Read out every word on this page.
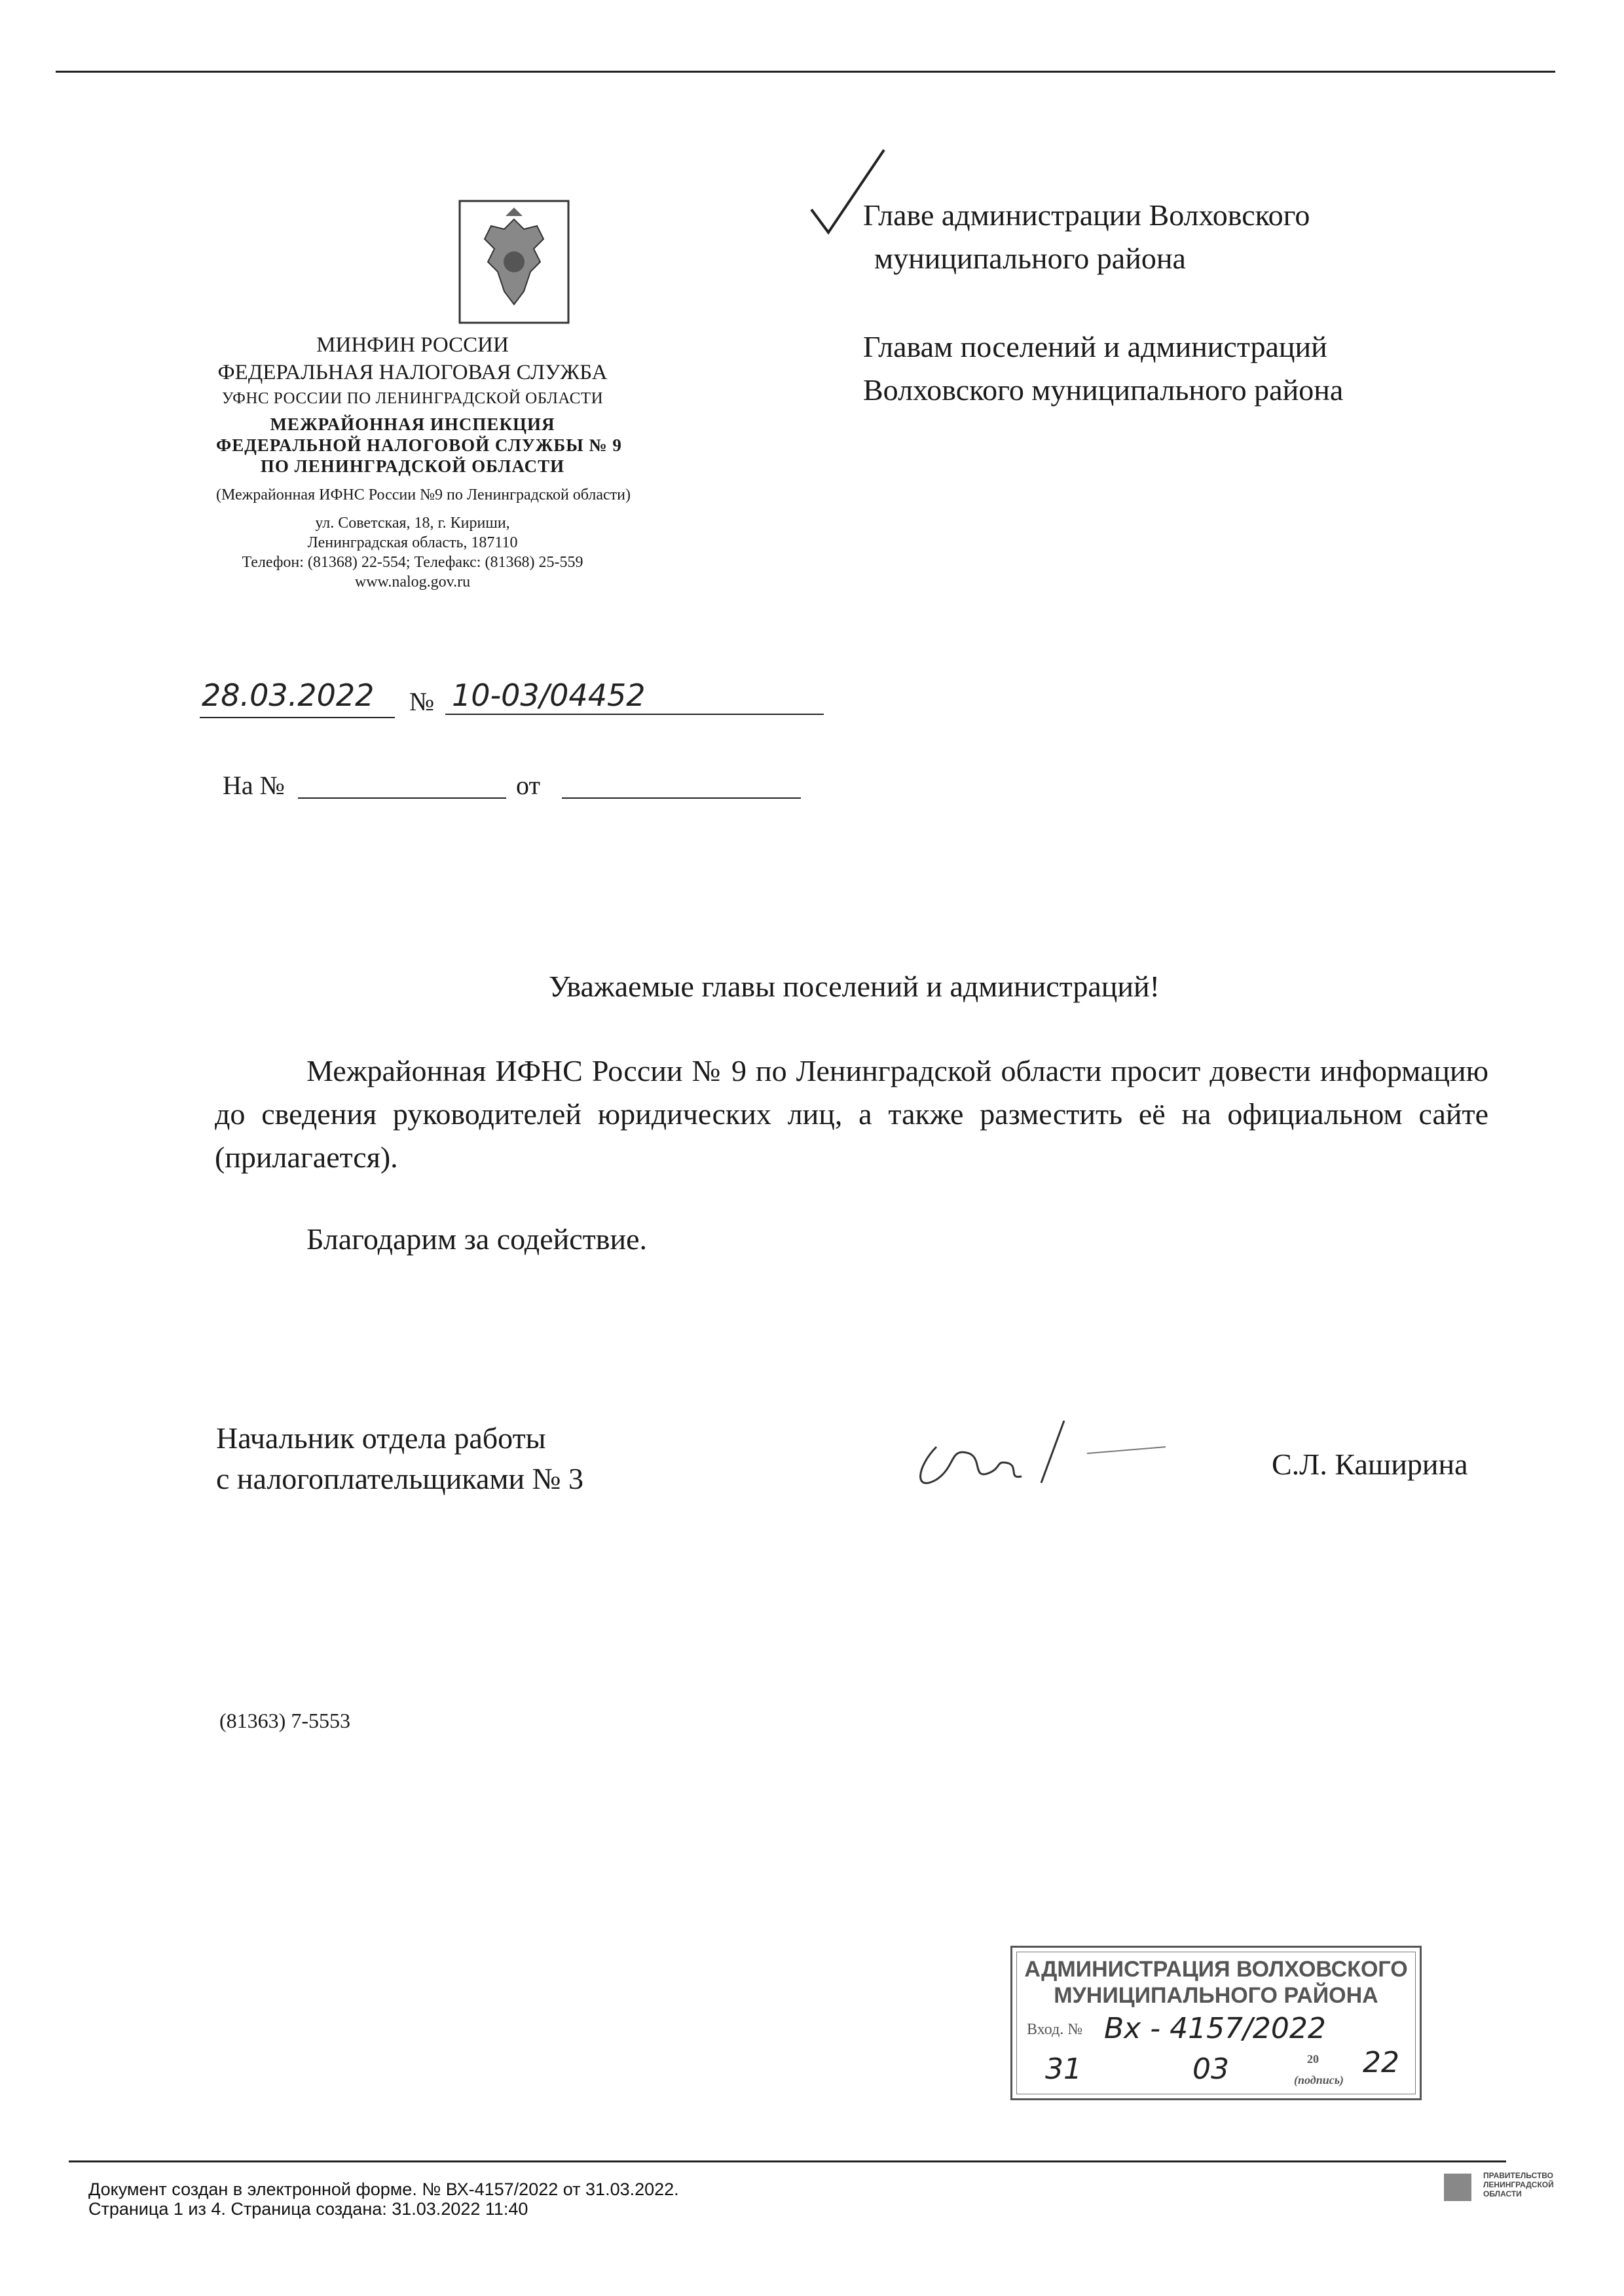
МИНФИН РОССИИ
ФЕДЕРАЛЬНАЯ НАЛОГОВАЯ СЛУЖБА
УФНС РОССИИ ПО ЛЕНИНГРАДСКОЙ ОБЛАСТИ
МЕЖРАЙОННАЯ ИНСПЕКЦИЯ
ФЕДЕРАЛЬНОЙ НАЛОГОВОЙ СЛУЖБЫ № 9
ПО ЛЕНИНГРАДСКОЙ ОБЛАСТИ
(Межрайонная ИФНС России №9 по Ленинградской области)
ул. Советская, 18, г. Кириши,
Ленинградская область, 187110
Телефон: (81368) 22-554; Телефакс: (81368) 25-559
www.nalog.gov.ru
28.03.2022 № 10-03/04452
На №	от
Главе администрации Волховского
муниципального района
Главам поселений и администраций
Волховского муниципального района
Уважаемые главы поселений и администраций!
Межрайонная ИФНС России № 9 по Ленинградской области просит довести информацию до сведения руководителей юридических лиц, а также разместить её на официальном сайте (прилагается).
Благодарим за содействие.
Начальник отдела работы
с налогоплательщиками № 3	С.Л. Каширина
(81363) 7-5553
АДМИНИСТРАЦИЯ ВОЛХОВСКОГО
МУНИЦИПАЛЬНОГО РАЙОНА
Вход. № Вх - 4157/2022
31	03	20 22
(подпись)
Документ создан в электронной форме. № ВХ-4157/2022 от 31.03.2022.
Страница 1 из 4. Страница создана: 31.03.2022 11:40
ПРАВИТЕЛЬСТВО
ЛЕНИНГРАДСКОЙ
ОБЛАСТИ
